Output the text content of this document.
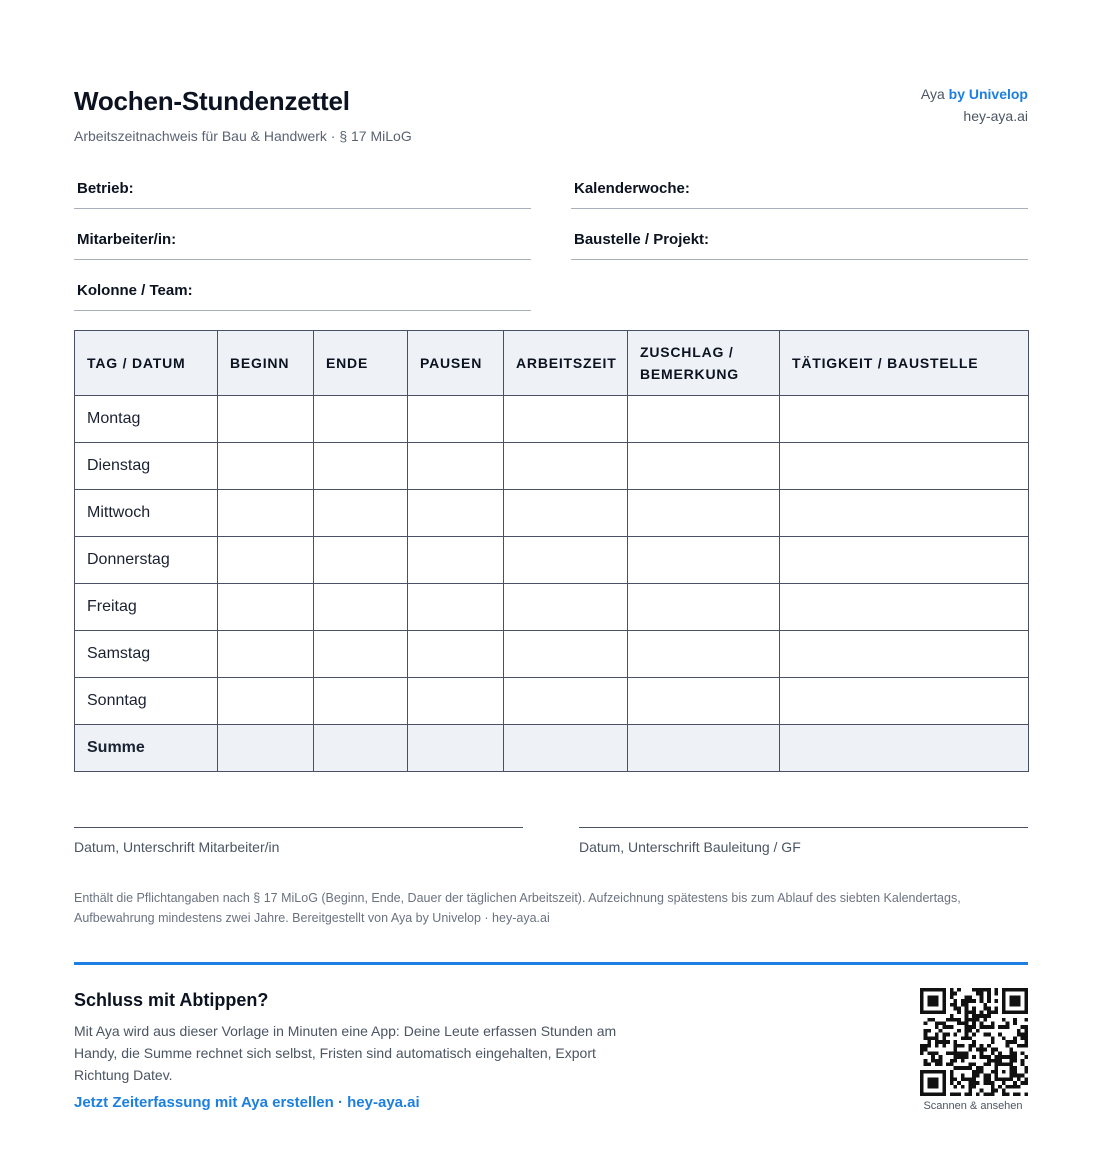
Wochen-Stundenzettel
Arbeitszeitnachweis für Bau & Handwerk · § 17 MiLoG
Aya by Univelop
hey-aya.ai
Betrieb:	Kalenderwoche:
Mitarbeiter/in:	Baustelle / Projekt:
Kolonne / Team:
TAG / DATUM	BEGINN	ENDE	PAUSEN	ARBEITSZEIT	ZUSCHLAG / BEMERKUNG	TÄTIGKEIT / BAUSTELLE
Montag						
Dienstag						
Mittwoch						
Donnerstag						
Freitag						
Samstag						
Sonntag						
Summe						
Datum, Unterschrift Mitarbeiter/in	Datum, Unterschrift Bauleitung / GF
Enthält die Pflichtangaben nach § 17 MiLoG (Beginn, Ende, Dauer der täglichen Arbeitszeit). Aufzeichnung spätestens bis zum Ablauf des siebten Kalendertags, Aufbewahrung mindestens zwei Jahre. Bereitgestellt von Aya by Univelop · hey-aya.ai
Schluss mit Abtippen?
Mit Aya wird aus dieser Vorlage in Minuten eine App: Deine Leute erfassen Stunden am Handy, die Summe rechnet sich selbst, Fristen sind automatisch eingehalten, Export Richtung Datev.
Jetzt Zeiterfassung mit Aya erstellen · hey-aya.ai	Scannen & ansehen
